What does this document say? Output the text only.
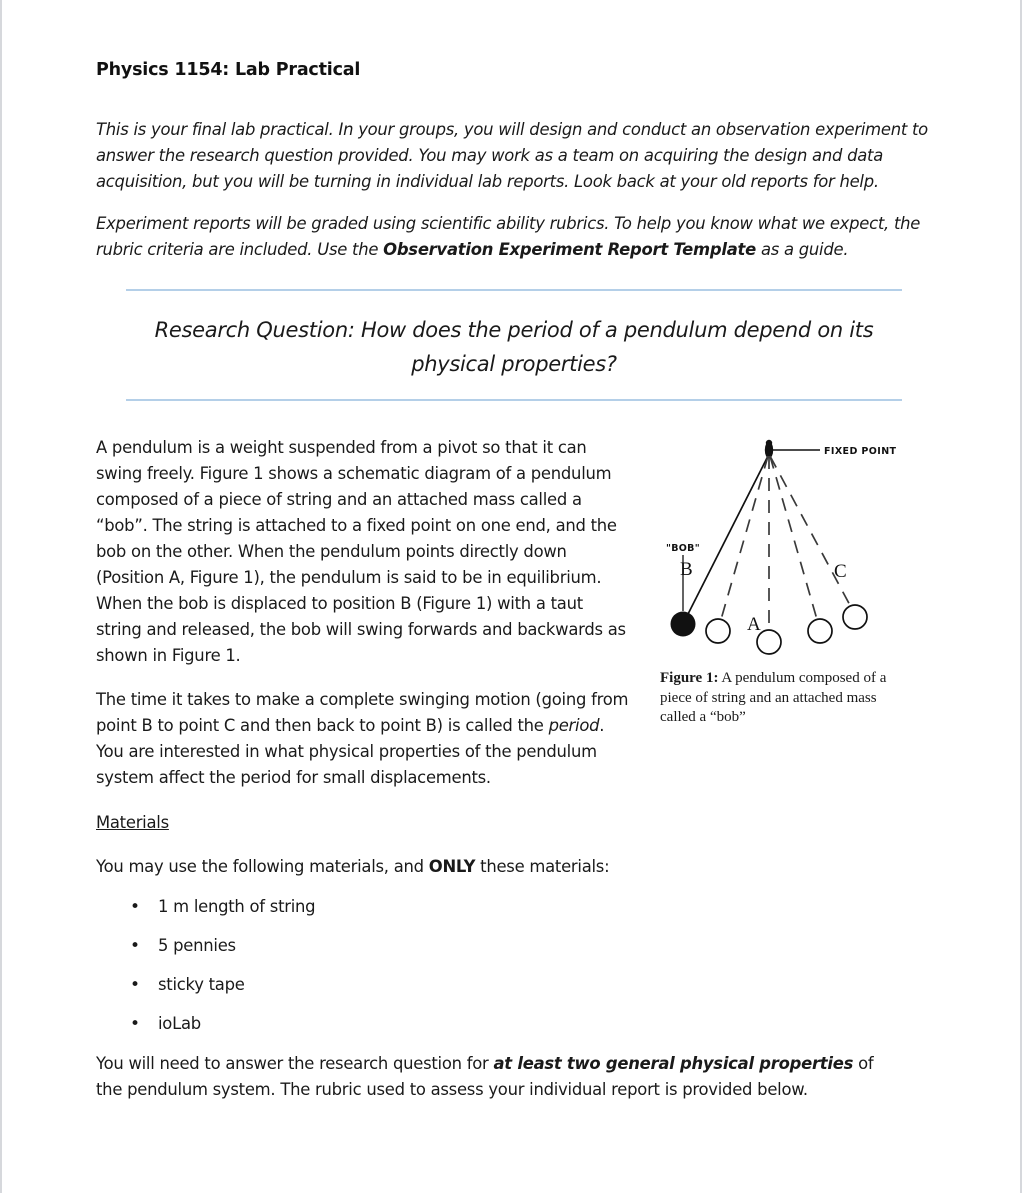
Physics 1154: Lab Practical

This is your final lab practical. In your groups, you will design and conduct an observation experiment to answer the research question provided. You may work as a team on acquiring the design and data acquisition, but you will be turning in individual lab reports. Look back at your old reports for help.

Experiment reports will be graded using scientific ability rubrics. To help you know what we expect, the rubric criteria are included. Use the Observation Experiment Report Template as a guide.

Research Question: How does the period of a pendulum depend on its physical properties?

A pendulum is a weight suspended from a pivot so that it can swing freely. Figure 1 shows a schematic diagram of a pendulum composed of a piece of string and an attached mass called a “bob”. The string is attached to a fixed point on one end, and the bob on the other. When the pendulum points directly down (Position A, Figure 1), the pendulum is said to be in equilibrium. When the bob is displaced to position B (Figure 1) with a taut string and released, the bob will swing forwards and backwards as shown in Figure 1.

The time it takes to make a complete swinging motion (going from point B to point C and then back to point B) is called the period. You are interested in what physical properties of the pendulum system affect the period for small displacements.

FIXED POINT
"BOB"
B
A
C
Figure 1: A pendulum composed of a piece of string and an attached mass called a “bob”
Materials

You may use the following materials, and ONLY these materials:

• 1 m length of string
• 5 pennies
• sticky tape
• ioLab

You will need to answer the research question for at least two general physical properties of the pendulum system. The rubric used to assess your individual report is provided below.
